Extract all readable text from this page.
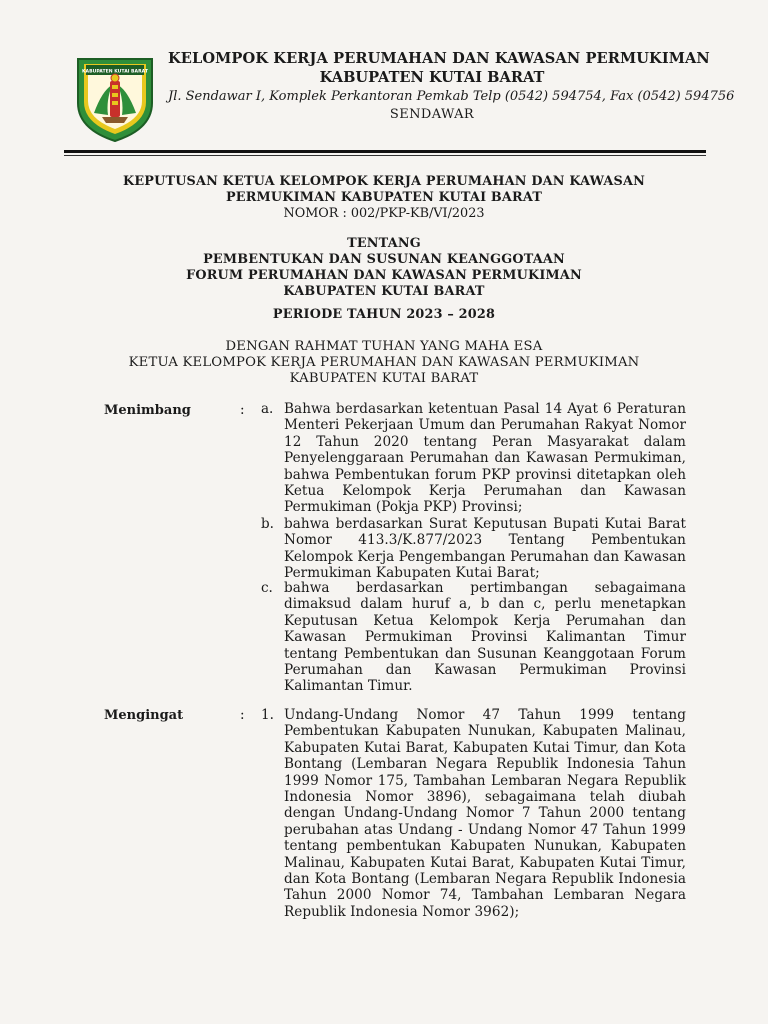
KABUPATEN KUTAI BARAT
KELOMPOK KERJA PERUMAHAN DAN KAWASAN PERMUKIMAN
KABUPATEN KUTAI BARAT
Jl. Sendawar I, Komplek Perkantoran Pemkab Telp (0542) 594754, Fax (0542) 594756
SENDAWAR
KEPUTUSAN KETUA KELOMPOK KERJA PERUMAHAN DAN KAWASAN
PERMUKIMAN KABUPATEN KUTAI BARAT
NOMOR : 002/PKP-KB/VI/2023
TENTANG
PEMBENTUKAN DAN SUSUNAN KEANGGOTAAN
FORUM PERUMAHAN DAN KAWASAN PERMUKIMAN
KABUPATEN KUTAI BARAT
PERIODE TAHUN 2023 – 2028
DENGAN RAHMAT TUHAN YANG MAHA ESA
KETUA KELOMPOK KERJA PERUMAHAN DAN KAWASAN PERMUKIMAN
KABUPATEN KUTAI BARAT
Menimbang	: a. Bahwa berdasarkan ketentuan Pasal 14 Ayat 6 Peraturan Menteri Pekerjaan Umum dan Perumahan Rakyat Nomor 12 Tahun 2020 tentang Peran Masyarakat dalam Penyelenggaraan Perumahan dan Kawasan Permukiman, bahwa Pembentukan forum PKP provinsi ditetapkan oleh Ketua Kelompok Kerja Perumahan dan Kawasan Permukiman (Pokja PKP) Provinsi;
b. bahwa berdasarkan Surat Keputusan Bupati Kutai Barat Nomor 413.3/K.877/2023 Tentang Pembentukan Kelompok Kerja Pengembangan Perumahan dan Kawasan Permukiman Kabupaten Kutai Barat;
c. bahwa berdasarkan pertimbangan sebagaimana dimaksud dalam huruf a, b dan c, perlu menetapkan Keputusan Ketua Kelompok Kerja Perumahan dan Kawasan Permukiman Provinsi Kalimantan Timur tentang Pembentukan dan Susunan Keanggotaan Forum Perumahan dan Kawasan Permukiman Provinsi Kalimantan Timur.
Mengingat	: 1. Undang-Undang Nomor 47 Tahun 1999 tentang Pembentukan Kabupaten Nunukan, Kabupaten Malinau, Kabupaten Kutai Barat, Kabupaten Kutai Timur, dan Kota Bontang (Lembaran Negara Republik Indonesia Tahun 1999 Nomor 175, Tambahan Lembaran Negara Republik Indonesia Nomor 3896), sebagaimana telah diubah dengan Undang-Undang Nomor 7 Tahun 2000 tentang perubahan atas Undang - Undang Nomor 47 Tahun 1999 tentang pembentukan Kabupaten Nunukan, Kabupaten Malinau, Kabupaten Kutai Barat, Kabupaten Kutai Timur, dan Kota Bontang (Lembaran Negara Republik Indonesia Tahun 2000 Nomor 74, Tambahan Lembaran Negara Republik Indonesia Nomor 3962);
